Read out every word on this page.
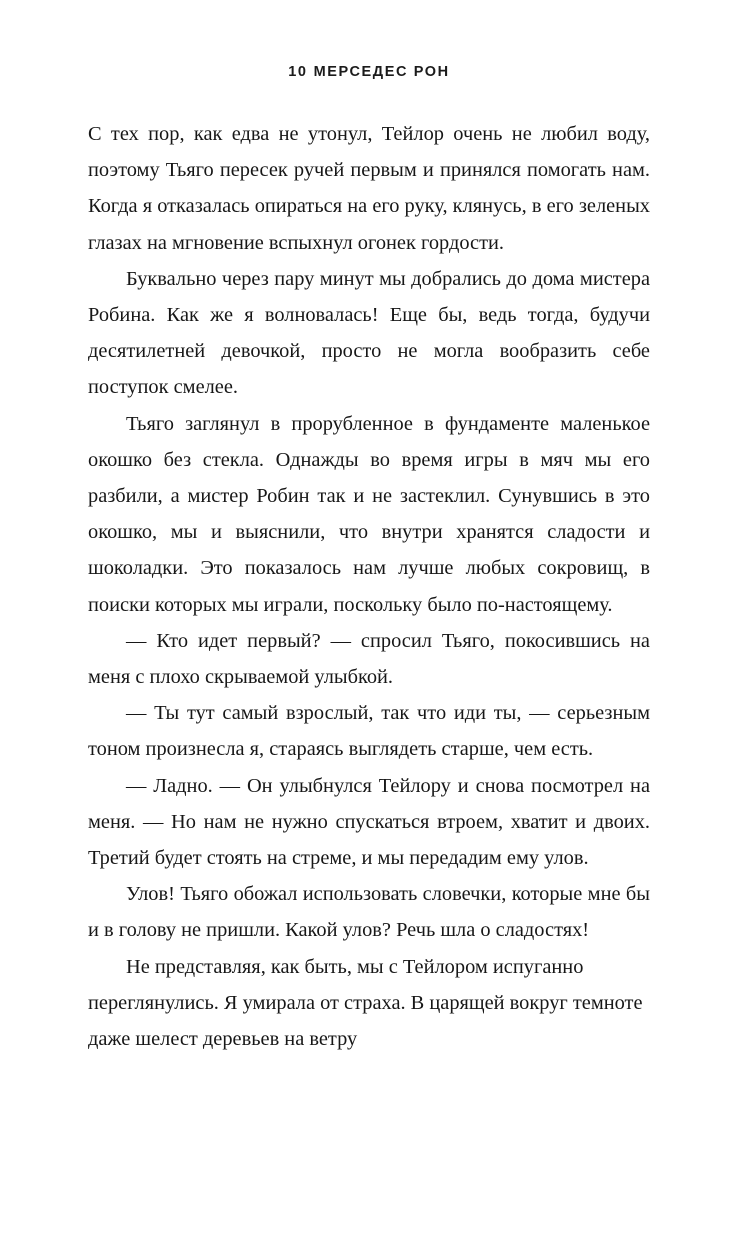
10 МЕРСЕДЕС РОН

С тех пор, как едва не утонул, Тейлор очень не любил воду, поэтому Тьяго пересек ручей первым и принялся помогать нам. Когда я отказалась опираться на его руку, клянусь, в его зеленых глазах на мгновение вспыхнул огонек гордости.

Буквально через пару минут мы добрались до дома мистера Робина. Как же я волновалась! Еще бы, ведь тогда, будучи десятилетней девочкой, просто не могла вообразить себе поступок смелее.

Тьяго заглянул в прорубленное в фундаменте маленькое окошко без стекла. Однажды во время игры в мяч мы его разбили, а мистер Робин так и не застеклил. Сунувшись в это окошко, мы и выяснили, что внутри хранятся сладости и шоколадки. Это показалось нам лучше любых сокровищ, в поиски которых мы играли, поскольку было по-настоящему.

— Кто идет первый? — спросил Тьяго, покосившись на меня с плохо скрываемой улыбкой.

— Ты тут самый взрослый, так что иди ты, — серьезным тоном произнесла я, стараясь выглядеть старше, чем есть.

— Ладно. — Он улыбнулся Тейлору и снова посмотрел на меня. — Но нам не нужно спускаться втроем, хватит и двоих. Третий будет стоять на стреме, и мы передадим ему улов.

Улов! Тьяго обожал использовать словечки, которые мне бы и в голову не пришли. Какой улов? Речь шла о сладостях!

Не представляя, как быть, мы с Тейлором испуганно переглянулись. Я умирала от страха. В царящей вокруг темноте даже шелест деревьев на ветру
